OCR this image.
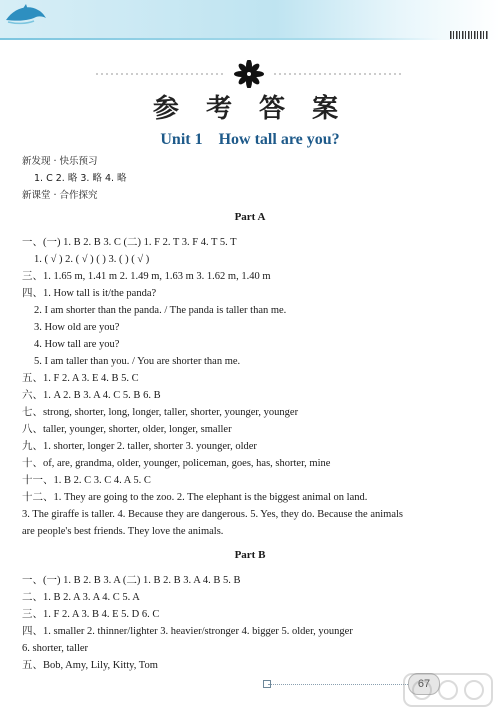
参 考 答 案
Unit 1 How tall are you?
新发现 · 快乐预习
1. C 2. 略 3. 略 4. 略
新课堂 · 合作探究
Part A
一、(一) 1. B 2. B 3. C (二) 1. F 2. T 3. F 4. T 5. T
1. ( √ ) 2. ( √ ) ( ) 3. ( ) ( √ )
三、1. 1.65 m, 1.41 m 2. 1.49 m, 1.63 m 3. 1.62 m, 1.40 m
四、1. How tall is it/the panda?
2. I am shorter than the panda. / The panda is taller than me.
3. How old are you?
4. How tall are you?
5. I am taller than you. / You are shorter than me.
五、1. F 2. A 3. E 4. B 5. C
六、1. A 2. B 3. A 4. C 5. B 6. B
七、strong, shorter, long, longer, taller, shorter, younger, younger
八、taller, younger, shorter, older, longer, smaller
九、1. shorter, longer 2. taller, shorter 3. younger, older
十、of, are, grandma, older, younger, policeman, goes, has, shorter, mine
十一、1. B 2. C 3. C 4. A 5. C
十二、1. They are going to the zoo. 2. The elephant is the biggest animal on land.
3. The giraffe is taller. 4. Because they are dangerous. 5. Yes, they do. Because the animals
are people's best friends. They love the animals.
Part B
一、(一) 1. B 2. B 3. A (二) 1. B 2. B 3. A 4. B 5. B
二、1. B 2. A 3. A 4. C 5. A
三、1. F 2. A 3. B 4. E 5. D 6. C
四、1. smaller 2. thinner/lighter 3. heavier/stronger 4. bigger 5. older, younger
6. shorter, taller
五、Bob, Amy, Lily, Kitty, Tom
67
